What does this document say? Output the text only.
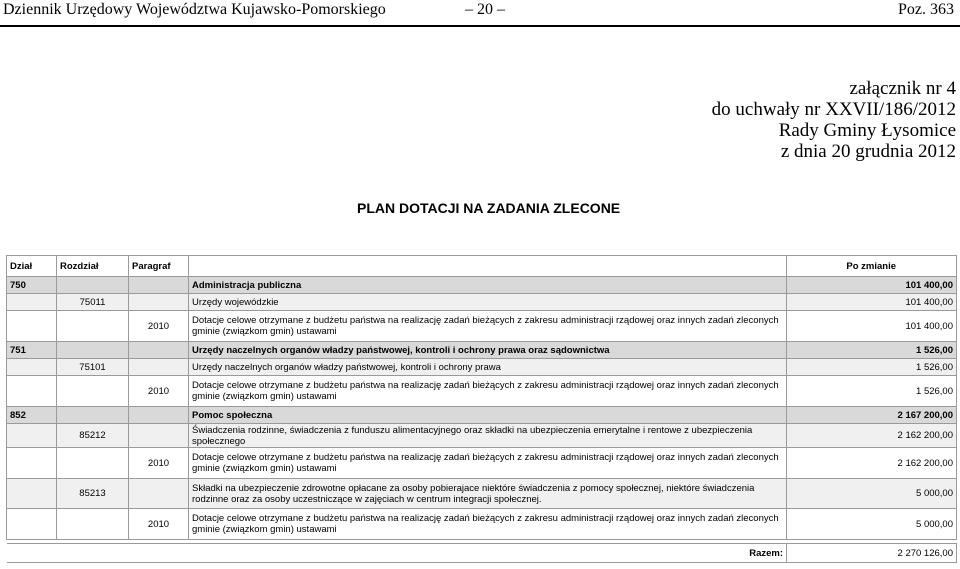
Dziennik Urzędowy Województwa Kujawsko-Pomorskiego	– 20 –	Poz. 363
załącznik nr 4
do uchwały nr XXVII/186/2012
Rady Gminy Łysomice
z dnia 20 grudnia 2012
PLAN DOTACJI NA ZADANIA ZLECONE
Dział	Rozdział	Paragraf		Po zmianie
750			Administracja publiczna	101 400,00
	75011		Urzędy wojewódzkie	101 400,00
		2010	Dotacje celowe otrzymane z budżetu państwa na realizację zadań bieżących z zakresu administracji rządowej oraz innych zadań zleconych gminie (związkom gmin) ustawami	101 400,00
751			Urzędy naczelnych organów władzy państwowej, kontroli i ochrony prawa oraz sądownictwa	1 526,00
	75101		Urzędy naczelnych organów władzy państwowej, kontroli i ochrony prawa	1 526,00
		2010	Dotacje celowe otrzymane z budżetu państwa na realizację zadań bieżących z zakresu administracji rządowej oraz innych zadań zleconych gminie (związkom gmin) ustawami	1 526,00
852			Pomoc społeczna	2 167 200,00
	85212		Świadczenia rodzinne, świadczenia z funduszu alimentacyjnego oraz składki na ubezpieczenia emerytalne i rentowe z ubezpieczenia społecznego	2 162 200,00
		2010	Dotacje celowe otrzymane z budżetu państwa na realizację zadań bieżących z zakresu administracji rządowej oraz innych zadań zleconych gminie (związkom gmin) ustawami	2 162 200,00
	85213		Składki na ubezpieczenie zdrowotne opłacane za osoby pobierajace niektóre świadczenia z pomocy społecznej, niektóre świadczenia rodzinne oraz za osoby uczestniczące w zajęciach w centrum integracji społecznej.	5 000,00
		2010	Dotacje celowe otrzymane z budżetu państwa na realizację zadań bieżących z zakresu administracji rządowej oraz innych zadań zleconych gminie (związkom gmin) ustawami	5 000,00

Razem:				2 270 126,00
